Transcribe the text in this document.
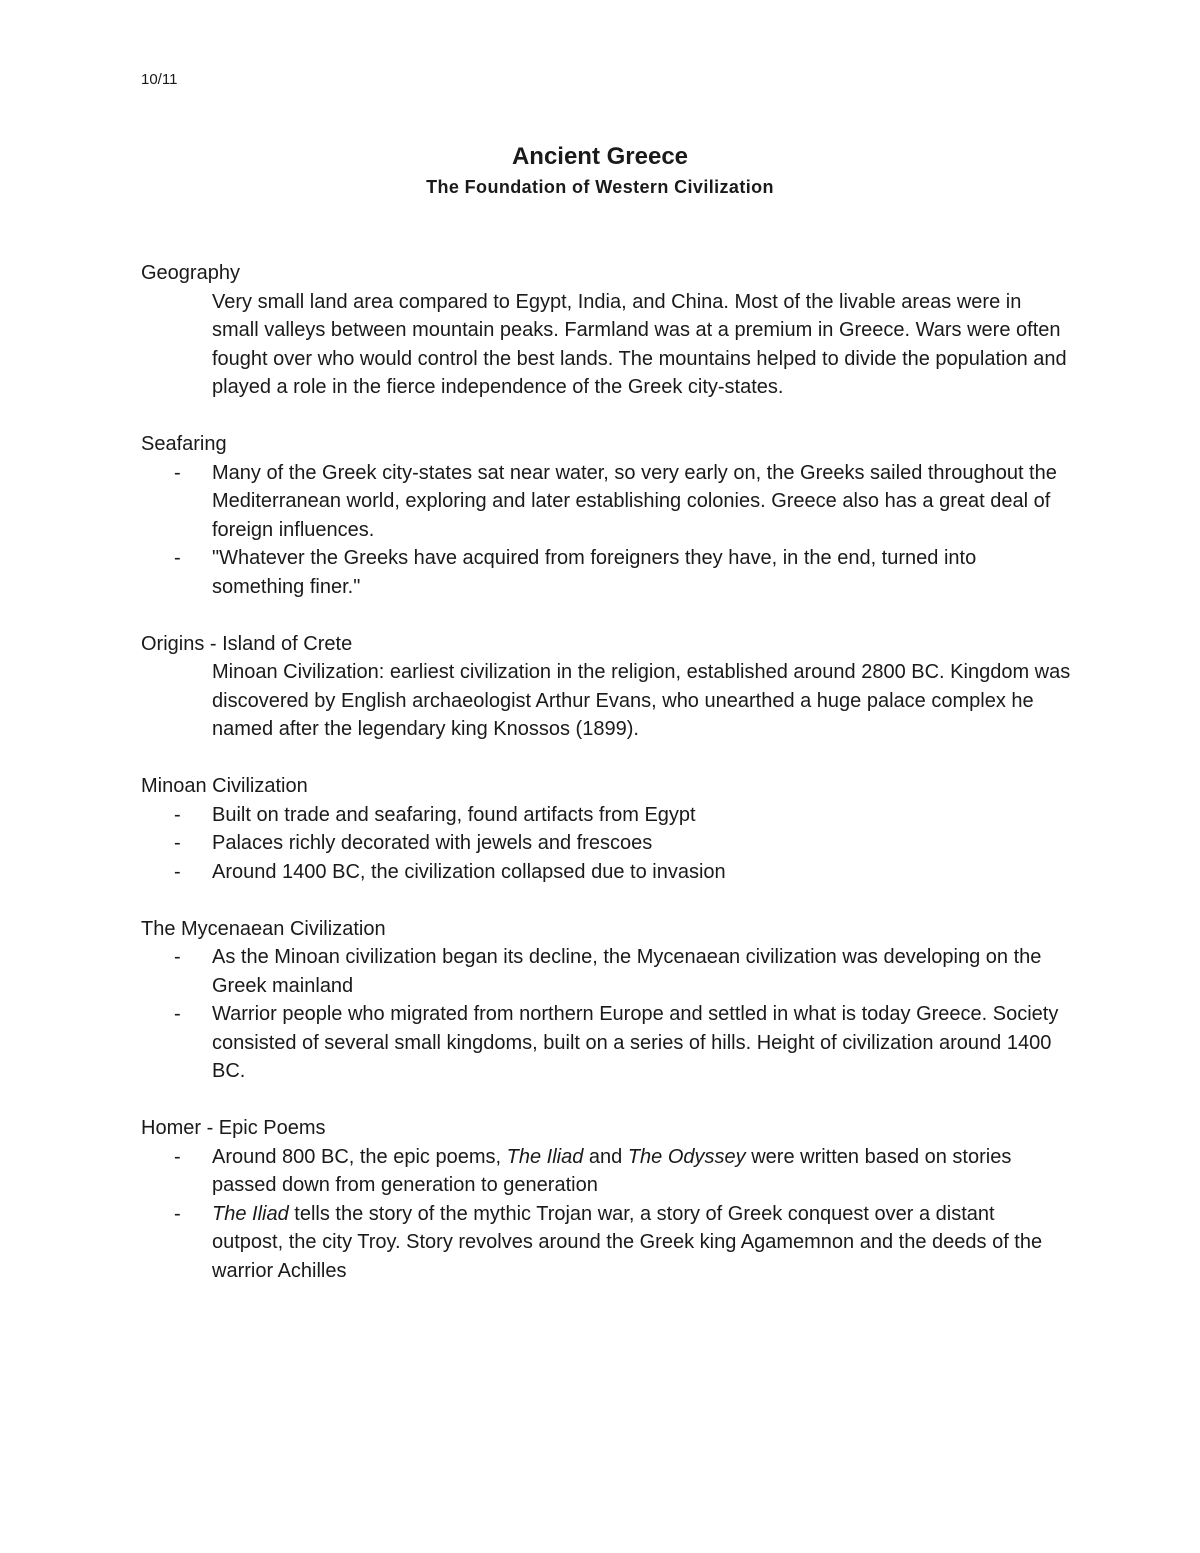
10/11
Ancient Greece
The Foundation of Western Civilization

Geography

Very small land area compared to Egypt, India, and China. Most of the livable areas were in small valleys between mountain peaks. Farmland was at a premium in Greece. Wars were often fought over who would control the best lands. The mountains helped to divide the population and played a role in the fierce independence of the Greek city-states.

Seafaring

- Many of the Greek city-states sat near water, so very early on, the Greeks sailed throughout the Mediterranean world, exploring and later establishing colonies. Greece also has a great deal of foreign influences.
- "Whatever the Greeks have acquired from foreigners they have, in the end, turned into something finer."

Origins - Island of Crete

Minoan Civilization: earliest civilization in the religion, established around 2800 BC. Kingdom was discovered by English archaeologist Arthur Evans, who unearthed a huge palace complex he named after the legendary king Knossos (1899).

Minoan Civilization

- Built on trade and seafaring, found artifacts from Egypt
- Palaces richly decorated with jewels and frescoes
- Around 1400 BC, the civilization collapsed due to invasion

The Mycenaean Civilization

- As the Minoan civilization began its decline, the Mycenaean civilization was developing on the Greek mainland
- Warrior people who migrated from northern Europe and settled in what is today Greece. Society consisted of several small kingdoms, built on a series of hills. Height of civilization around 1400 BC.

Homer - Epic Poems

- Around 800 BC, the epic poems, The Iliad and The Odyssey were written based on stories passed down from generation to generation
- The Iliad tells the story of the mythic Trojan war, a story of Greek conquest over a distant outpost, the city Troy. Story revolves around the Greek king Agamemnon and the deeds of the warrior Achilles
